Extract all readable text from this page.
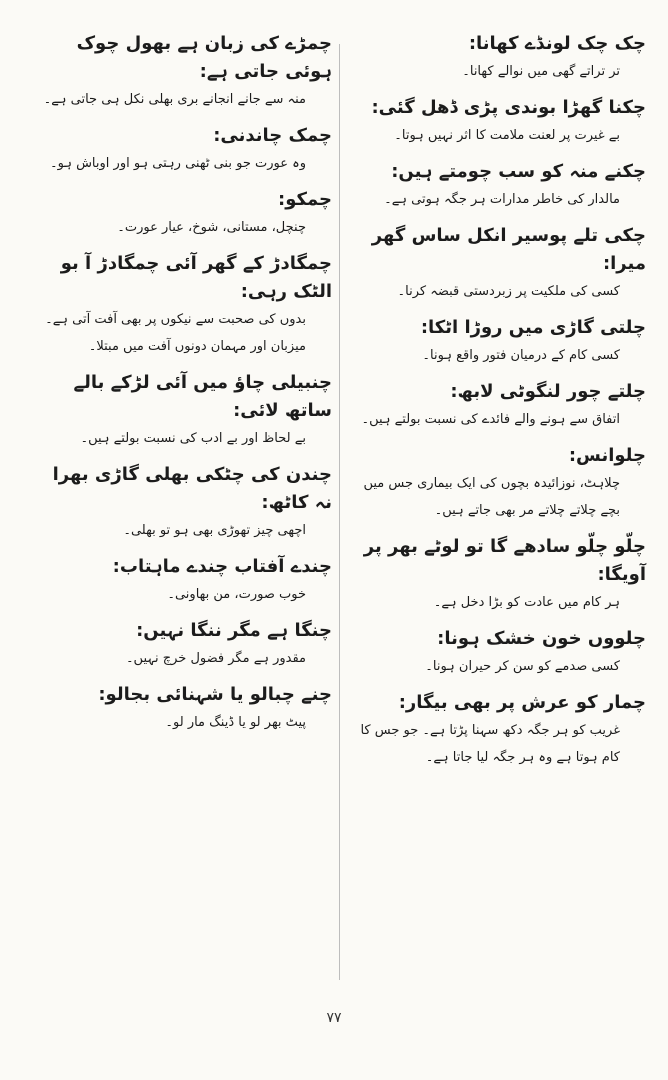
چک چک لونڈے کھانا:

تر تراتے گھی میں نوالے کھانا۔

چکنا گھڑا بوندی پڑی ڈھل گئی:

بے غیرت پر لعنت ملامت کا اثر نہیں ہوتا۔

چکنے منہ کو سب چومتے ہیں:

مالدار کی خاطر مدارات ہر جگہ ہوتی ہے۔

چکی تلے پوسیر انکل ساس گھر میرا:

کسی کی ملکیت پر زبردستی قبضہ کرنا۔

چلتی گاڑی میں روڑا اٹکا:

کسی کام کے درمیان فتور واقع ہونا۔

چلتے چور لنگوٹی لابھ:

اتفاق سے ہونے والے فائدے کی نسبت بولتے ہیں۔

چلوانس:

چلاہٹ، نوزائیدہ بچوں کی ایک بیماری جس میں بچے چلاتے چلاتے مر بھی جاتے ہیں۔

چلّو چلّو سادھے گا تو لوٹے بھر پر آویگا:

ہر کام میں عادت کو بڑا دخل ہے۔

چلووں خون خشک ہونا:

کسی صدمے کو سن کر حیران ہونا۔

چمار کو عرش پر بھی بیگار:

غریب کو ہر جگہ دکھ سہنا پڑتا ہے۔ جو جس کا کام ہوتا ہے وہ ہر جگہ لیا جاتا ہے۔

چمڑے کی زبان ہے بھول چوک ہوئی جاتی ہے:

منہ سے جانے انجانے بری بھلی نکل ہی جاتی ہے۔

چمک چاندنی:

وہ عورت جو بنی ٹھنی رہتی ہو اور اوباش ہو۔

چمکو:

چنچل، مستانی، شوخ، عیار عورت۔

چمگادڑ کے گھر آئی چمگادڑ آ بو الٹک رہی:

بدوں کی صحبت سے نیکوں پر بھی آفت آتی ہے۔ میزبان اور مہمان دونوں آفت میں مبتلا۔

چنبیلی چاؤ میں آئی لڑکے بالے ساتھ لائی:

بے لحاظ اور بے ادب کی نسبت بولتے ہیں۔

چندن کی چٹکی بھلی گاڑی بھرا نہ کاٹھ:

اچھی چیز تھوڑی بھی ہو تو بھلی۔

چندے آفتاب چندے ماہتاب:

خوب صورت، من بھاونی۔

چنگا ہے مگر ننگا نہیں:

مقدور ہے مگر فضول خرچ نہیں۔

چنے چبالو یا شہنائی بجالو:

پیٹ بھر لو یا ڈینگ مار لو۔

۷۷
